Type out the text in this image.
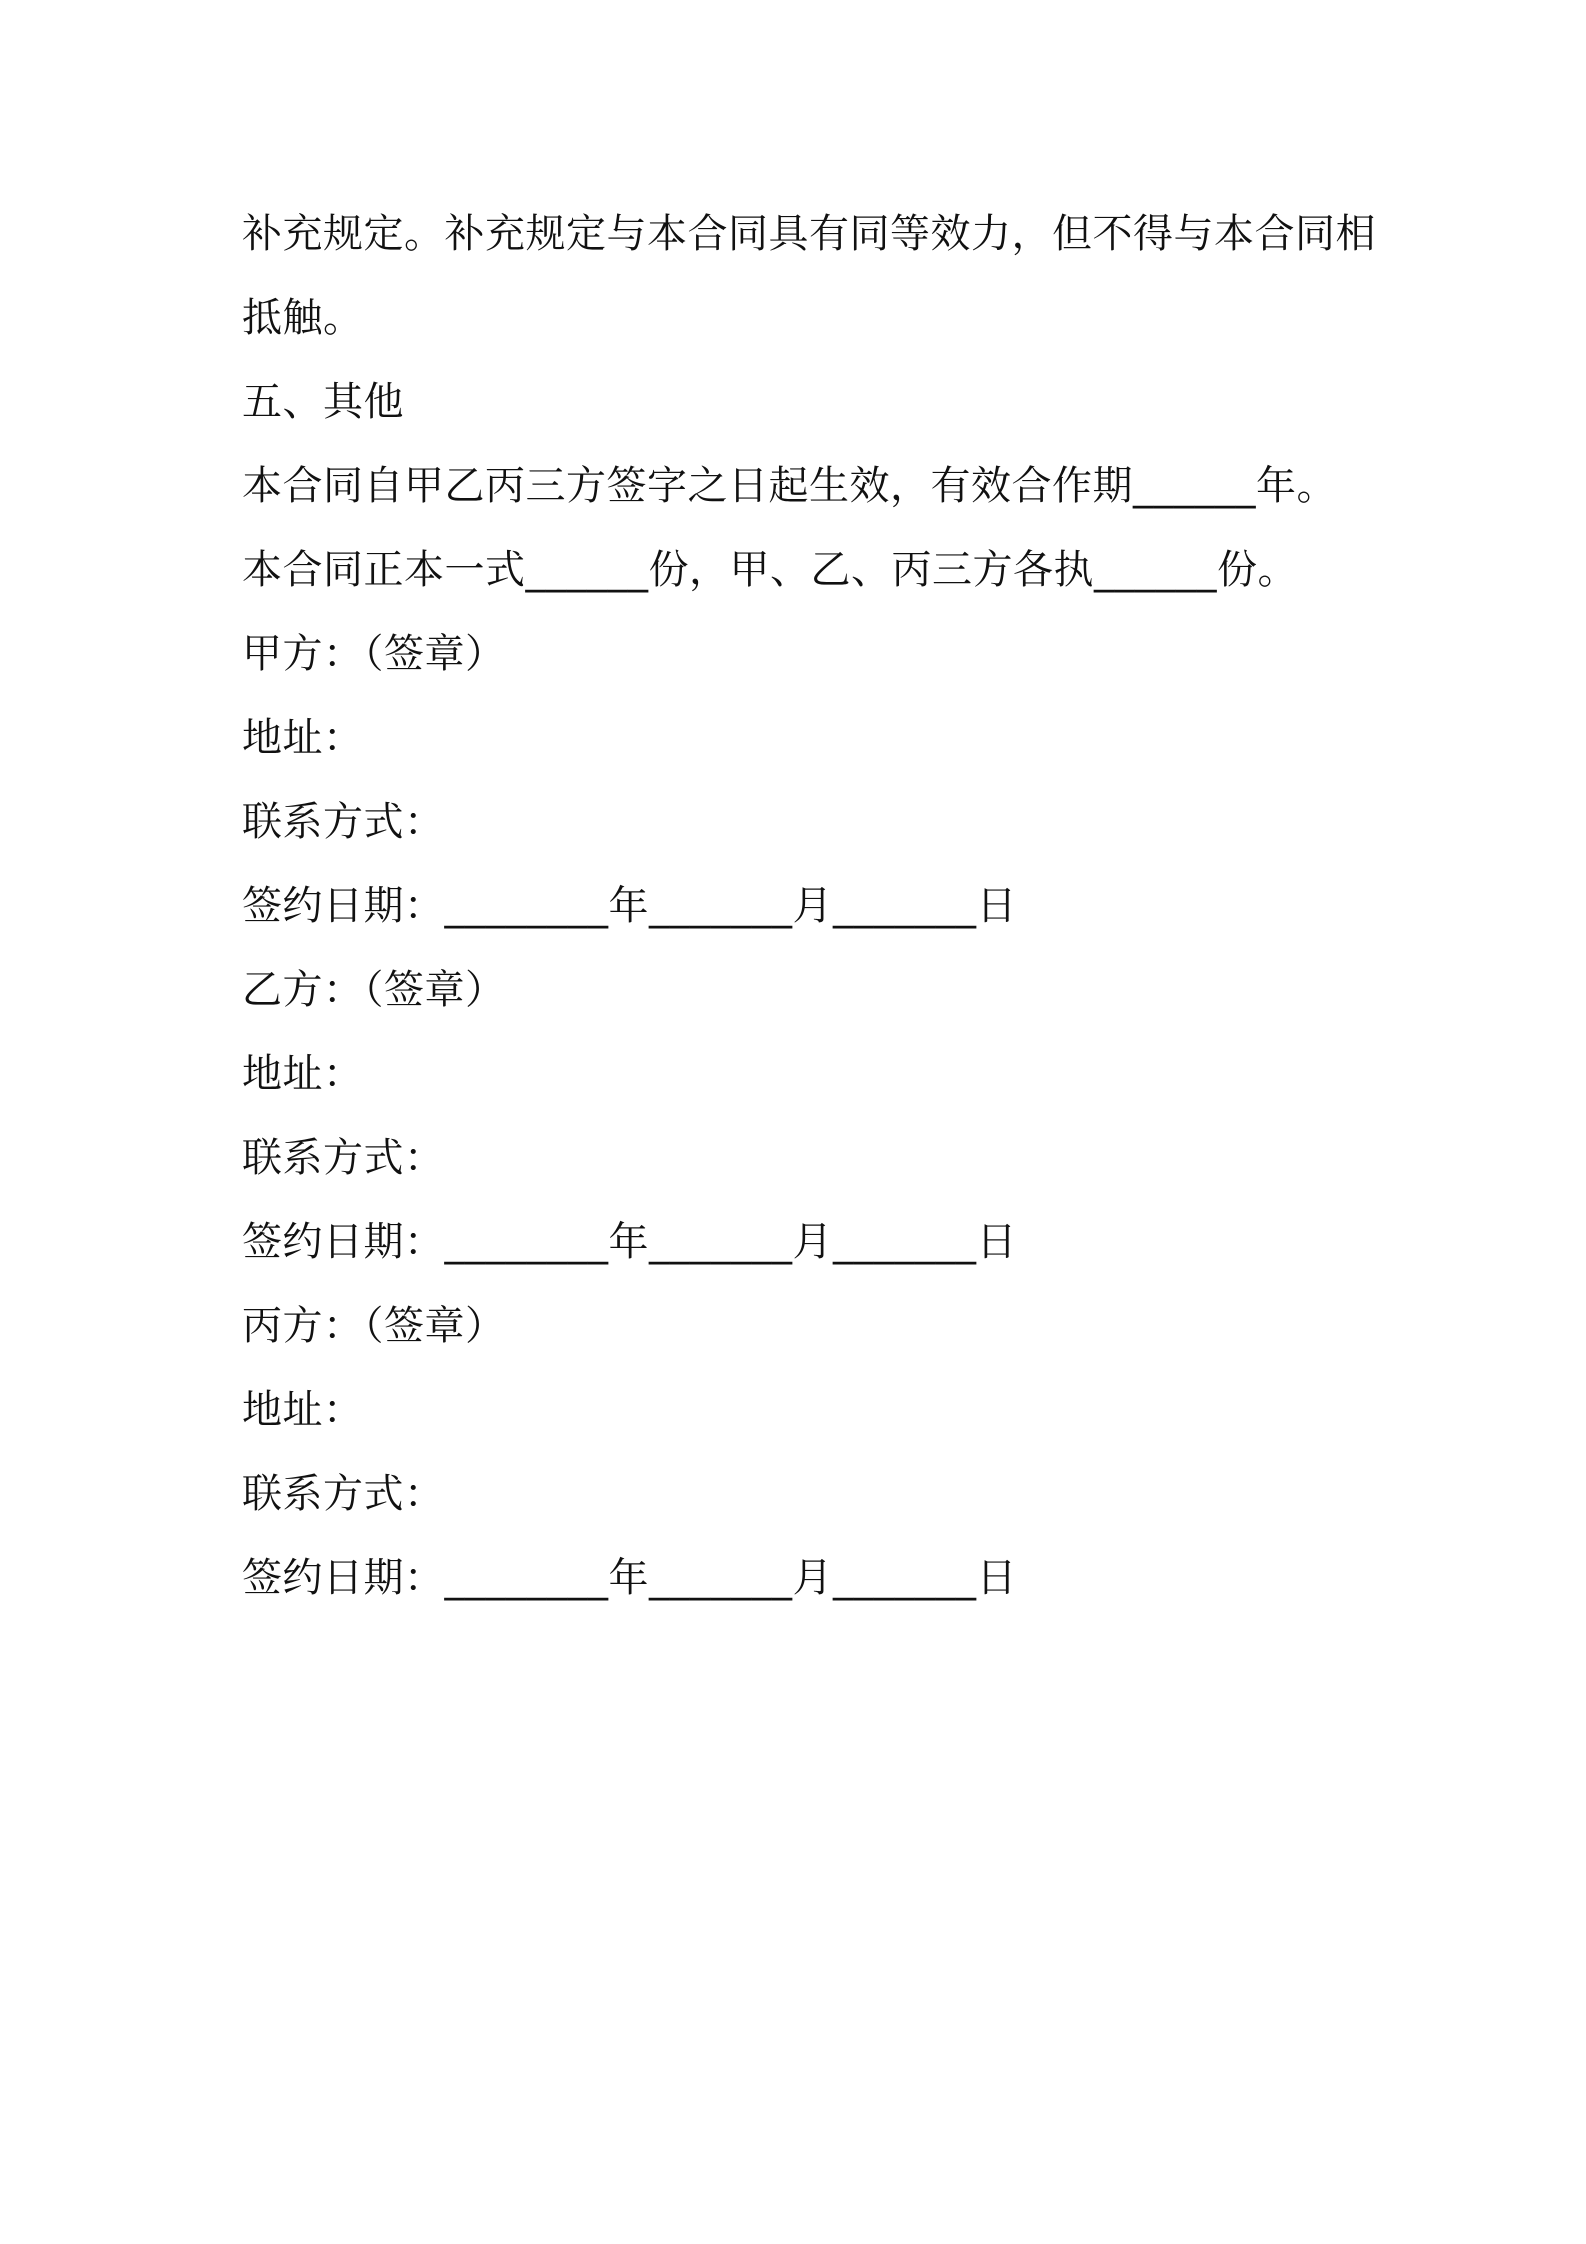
补充规定。补充规定与本合同具有同等效力，但不得与本合同相
抵触。
五、其他
本合同自甲乙丙三方签字之日起生效，有效合作期______年。
本合同正本一式______份，甲、乙、丙三方各执______份。
甲方：（签章）
地址：
联系方式：
签约日期：________年_______月_______日
乙方：（签章）
地址：
联系方式：
签约日期：________年_______月_______日
丙方：（签章）
地址：
联系方式：
签约日期：________年_______月_______日
